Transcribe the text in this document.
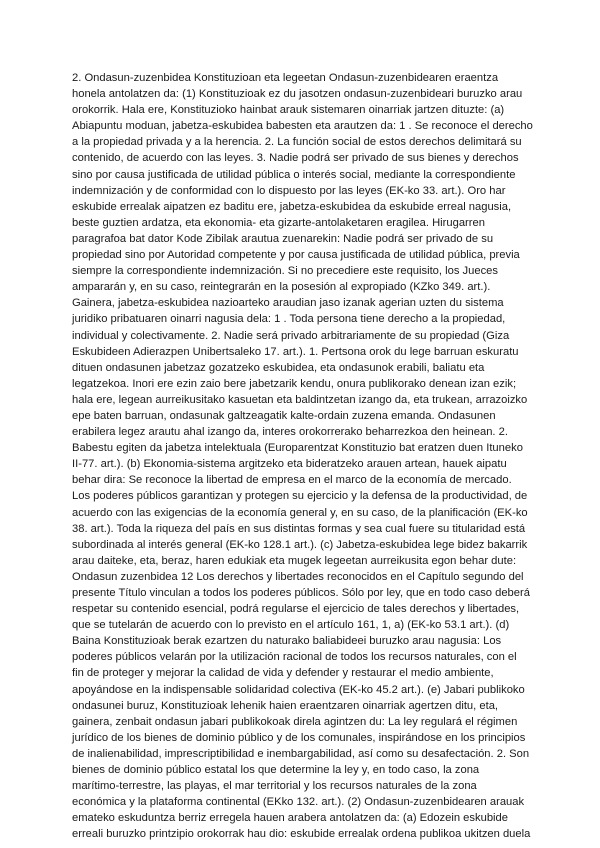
2. Ondasun-zuzenbidea Konstituzioan eta legeetan Ondasun-zuzenbidearen eraentza
honela antolatzen da: (1) Konstituzioak ez du jasotzen ondasun-zuzenbideari buruzko arau
orokorrik. Hala ere, Konstituzioko hainbat arauk sistemaren oinarriak jartzen dituzte: (a)
Abiapuntu moduan, jabetza-eskubidea babesten eta arautzen da: 1 . Se reconoce el derecho
a la propiedad privada y a la herencia. 2. La función social de estos derechos delimitará su
contenido, de acuerdo con las leyes. 3. Nadie podrá ser privado de sus bienes y derechos
sino por causa justificada de utilidad pública o interés social, mediante la correspondiente
indemnización y de conformidad con lo dispuesto por las leyes (EK-ko 33. art.). Oro har
eskubide errealak aipatzen ez baditu ere, jabetza-eskubidea da eskubide erreal nagusia,
beste guztien ardatza, eta ekonomia- eta gizarte-antolaketaren eragilea. Hirugarren
paragrafoa bat dator Kode Zibilak arautua zuenarekin: Nadie podrá ser privado de su
propiedad sino por Autoridad competente y por causa justificada de utilidad pública, previa
siempre la correspondiente indemnización. Si no precediere este requisito, los Jueces
ampararán y, en su caso, reintegrarán en la posesión al expropiado (KZko 349. art.).
Gainera, jabetza-eskubidea nazioarteko araudian jaso izanak agerian uzten du sistema
juridiko pribatuaren oinarri nagusia dela: 1 . Toda persona tiene derecho a la propiedad,
individual y colectivamente. 2. Nadie será privado arbitrariamente de su propiedad (Giza
Eskubideen Adierazpen Unibertsaleko 17. art.). 1. Pertsona orok du lege barruan eskuratu
dituen ondasunen jabetzaz gozatzeko eskubidea, eta ondasunok erabili, baliatu eta
legatzekoa. Inori ere ezin zaio bere jabetzarik kendu, onura publikorako denean izan ezik;
hala ere, legean aurreikusitako kasuetan eta baldintzetan izango da, eta trukean, arrazoizko
epe baten barruan, ondasunak galtzeagatik kalte-ordain zuzena emanda. Ondasunen
erabilera legez arautu ahal izango da, interes orokorrerako beharrezkoa den heinean. 2.
Babestu egiten da jabetza intelektuala (Europarentzat Konstituzio bat eratzen duen Ituneko
II-77. art.). (b) Ekonomia-sistema argitzeko eta bideratzeko arauen artean, hauek aipatu
behar dira: Se reconoce la libertad de empresa en el marco de la economía de mercado.
Los poderes públicos garantizan y protegen su ejercicio y la defensa de la productividad, de
acuerdo con las exigencias de la economía general y, en su caso, de la planificación (EK-ko
38. art.). Toda la riqueza del país en sus distintas formas y sea cual fuere su titularidad está
subordinada al interés general (EK-ko 128.1 art.). (c) Jabetza-eskubidea lege bidez bakarrik
arau daiteke, eta, beraz, haren edukiak eta mugek legeetan aurreikusita egon behar dute:
Ondasun zuzenbidea 12 Los derechos y libertades reconocidos en el Capítulo segundo del
presente Título vinculan a todos los poderes públicos. Sólo por ley, que en todo caso deberá
respetar su contenido esencial, podrá regularse el ejercicio de tales derechos y libertades,
que se tutelarán de acuerdo con lo previsto en el artículo 161, 1, a) (EK-ko 53.1 art.). (d)
Baina Konstituzioak berak ezartzen du naturako baliabideei buruzko arau nagusia: Los
poderes públicos velarán por la utilización racional de todos los recursos naturales, con el
fin de proteger y mejorar la calidad de vida y defender y restaurar el medio ambiente,
apoyándose en la indispensable solidaridad colectiva (EK-ko 45.2 art.). (e) Jabari publikoko
ondasunei buruz, Konstituzioak lehenik haien eraentzaren oinarriak agertzen ditu, eta,
gainera, zenbait ondasun jabari publikokoak direla agintzen du: La ley regulará el régimen
jurídico de los bienes de dominio público y de los comunales, inspirándose en los principios
de inalienabilidad, imprescriptibilidad e inembargabilidad, así como su desafectación. 2. Son
bienes de dominio público estatal los que determine la ley y, en todo caso, la zona
marítimo-terrestre, las playas, el mar territorial y los recursos naturales de la zona
económica y la plataforma continental (EKko 132. art.). (2) Ondasun-zuzenbidearen arauak
emateko eskuduntza berriz erregela hauen arabera antolatzen da: (a) Edozein eskubide
erreali buruzko printzipio orokorrak hau dio: eskubide errealak ordena publikoa ukitzen duela
